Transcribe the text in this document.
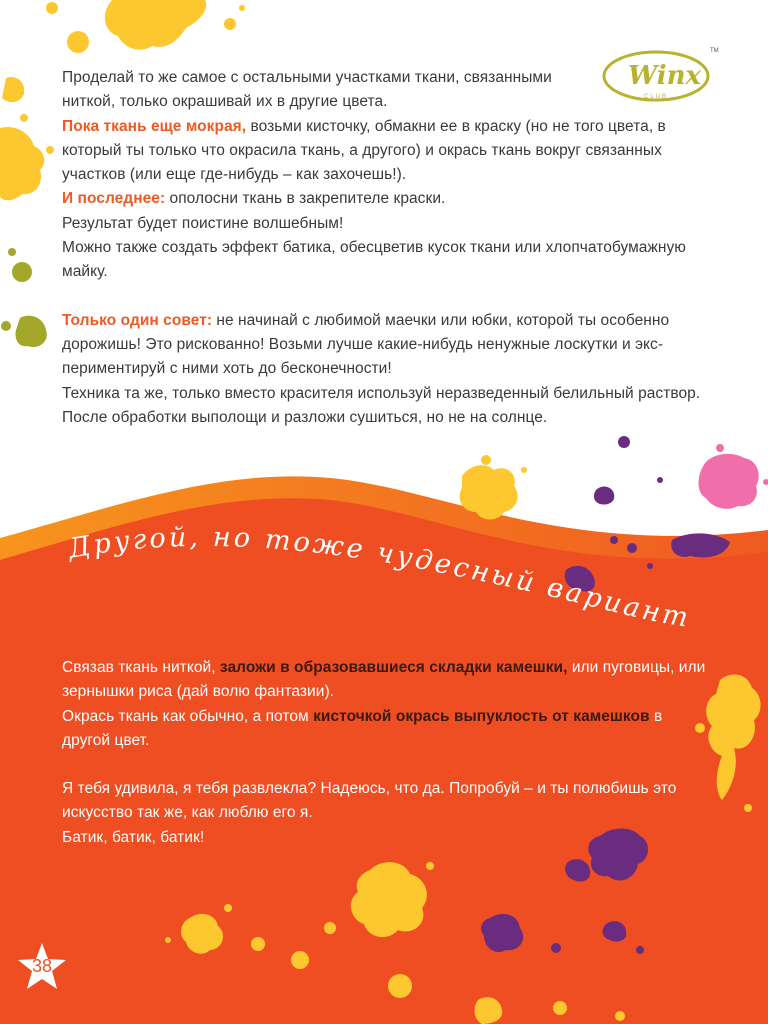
Winx
CLUB
TM

Проделай то же самое с остальными участками ткани, связанными ниткой, только окрашивай их в другие цвета.

Пока ткань еще мокрая, возьми кисточку, обмакни ее в краску (но не того цвета, в который ты только что окрасила ткань, а другого) и окрась ткань вокруг связанных участков (или еще где-нибудь – как захочешь!).

И последнее: ополосни ткань в закрепителе краски.

Результат будет поистине волшебным!

Можно также создать эффект батика, обесцветив кусок ткани или хлопчатобумажную майку.

Только один совет: не начинай с любимой маечки или юбки, которой ты особенно дорожишь! Это рискованно! Возьми лучше какие-нибудь ненужные лоскутки и экспериментируй с ними хоть до бесконечности!

Техника та же, только вместо красителя используй неразведенный белильный раствор.

После обработки выполощи и разложи сушиться, но не на солнце.

Другой, но тоже чудесный вариант

Связав ткань ниткой, заложи в образовавшиеся складки камешки, или пуговицы, или зернышки риса (дай волю фантазии).

Окрась ткань как обычно, а потом кисточкой окрась выпуклость от камешков в другой цвет.

Я тебя удивила, я тебя развлекла? Надеюсь, что да. Попробуй – и ты полюбишь это искусство так же, как люблю его я.

Батик, батик, батик!

38
